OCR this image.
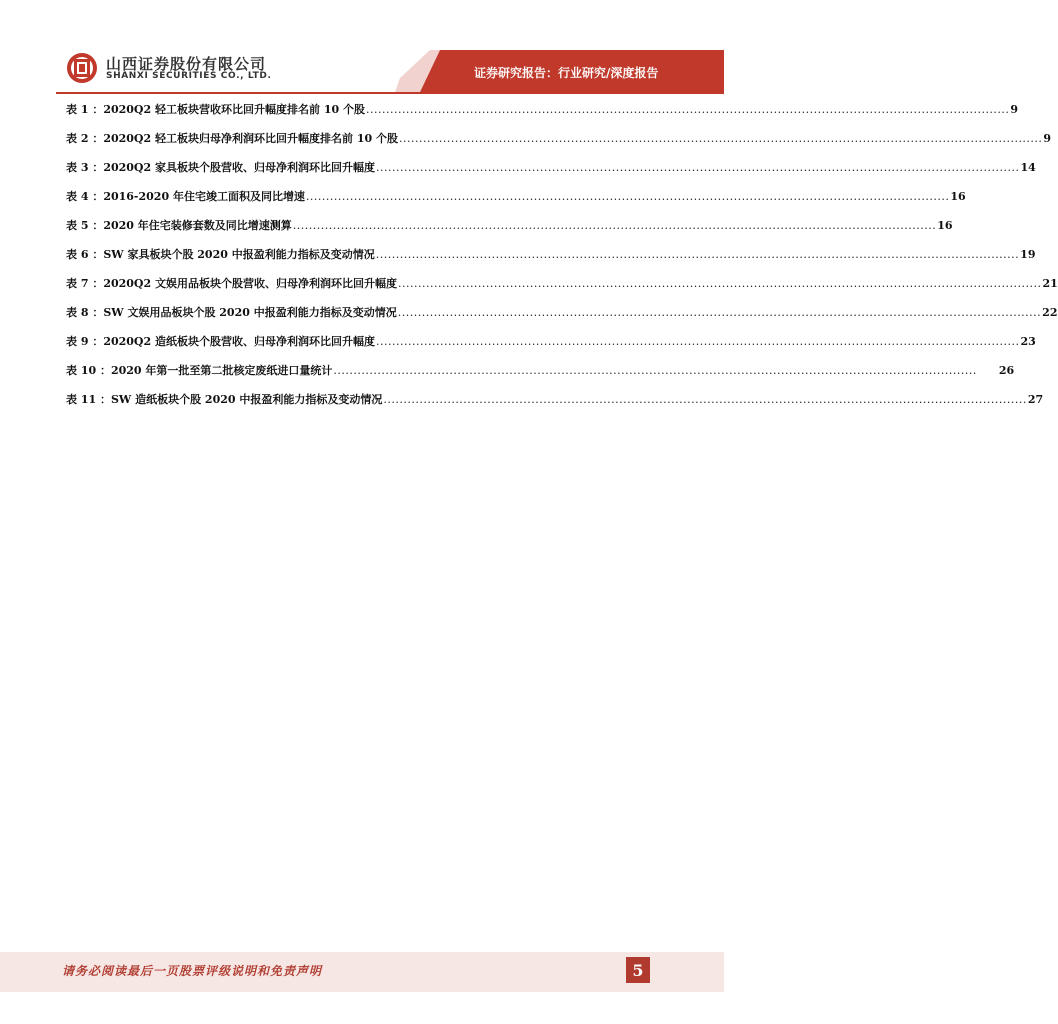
山西证券股份有限公司
SHANXI SECURITIES CO., LTD.	证券研究报告：行业研究/深度报告
表 1 ：2020Q2 轻工板块营收环比回升幅度排名前 10 个股 ................................................................................................................................................................. 9
表 2 ：2020Q2 轻工板块归母净利润环比回升幅度排名前 10 个股 ................................................................................................................................................................. 9
表 3 ：2020Q2 家具板块个股营收、归母净利润环比回升幅度 ................................................................................................................................................................. 14
表 4 ：2016-2020 年住宅竣工面积及同比增速 ................................................................................................................................................................. 16
表 5 ：2020 年住宅装修套数及同比增速测算 ................................................................................................................................................................. 16
表 6 ：SW 家具板块个股 2020 中报盈利能力指标及变动情况 ................................................................................................................................................................. 19
表 7 ：2020Q2 文娱用品板块个股营收、归母净利润环比回升幅度 ................................................................................................................................................................. 21
表 8 ：SW 文娱用品板块个股 2020 中报盈利能力指标及变动情况 ................................................................................................................................................................. 22
表 9 ：2020Q2 造纸板块个股营收、归母净利润环比回升幅度 ................................................................................................................................................................. 23
表 10 ：2020 年第一批至第二批核定废纸进口量统计 ................................................................................................................................................................. 26
表 11 ：SW 造纸板块个股 2020 中报盈利能力指标及变动情况 ................................................................................................................................................................. 27
请务必阅读最后一页股票评级说明和免责声明	5
